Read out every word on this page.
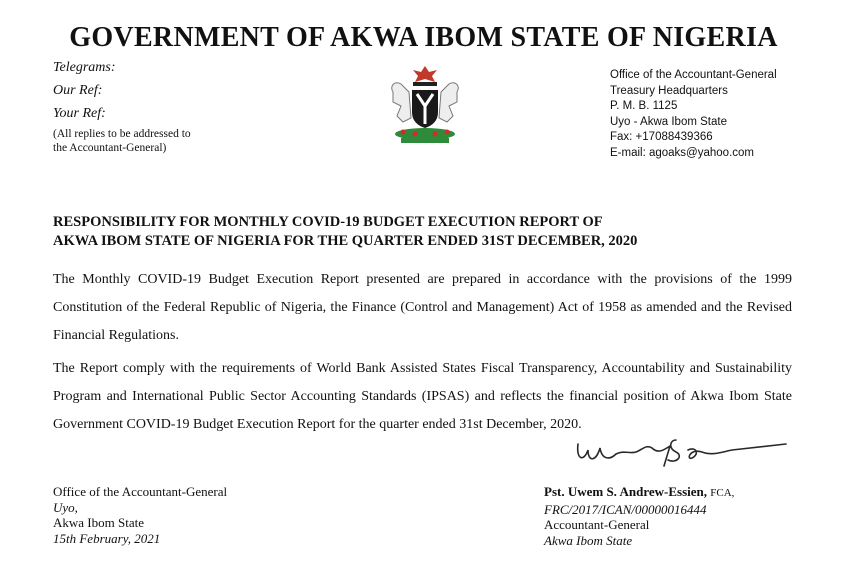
GOVERNMENT OF AKWA IBOM STATE OF NIGERIA
Telegrams:
Our Ref:
Your Ref:
(All replies to be addressed to
the Accountant-General)
Office of the Accountant-General
Treasury Headquarters
P. M. B. 1125
Uyo - Akwa Ibom State
Fax: +17088439366
E-mail: agoaks@yahoo.com
RESPONSIBILITY FOR MONTHLY COVID-19 BUDGET EXECUTION REPORT OF
AKWA IBOM STATE OF NIGERIA FOR THE QUARTER ENDED 31ST DECEMBER, 2020
The Monthly COVID-19 Budget Execution Report presented are prepared in accordance with the provisions of the 1999 Constitution of the Federal Republic of Nigeria, the Finance (Control and Management) Act of 1958 as amended and the Revised Financial Regulations.
The Report comply with the requirements of World Bank Assisted States Fiscal Transparency, Accountability and Sustainability Program and International Public Sector Accounting Standards (IPSAS) and reflects the financial position of Akwa Ibom State Government COVID-19 Budget Execution Report for the quarter ended 31st December, 2020.
Office of the Accountant-General
Uyo,
Akwa Ibom State
15th February, 2021
Pst. Uwem S. Andrew-Essien, FCA,
FRC/2017/ICAN/00000016444
Accountant-General
Akwa Ibom State
